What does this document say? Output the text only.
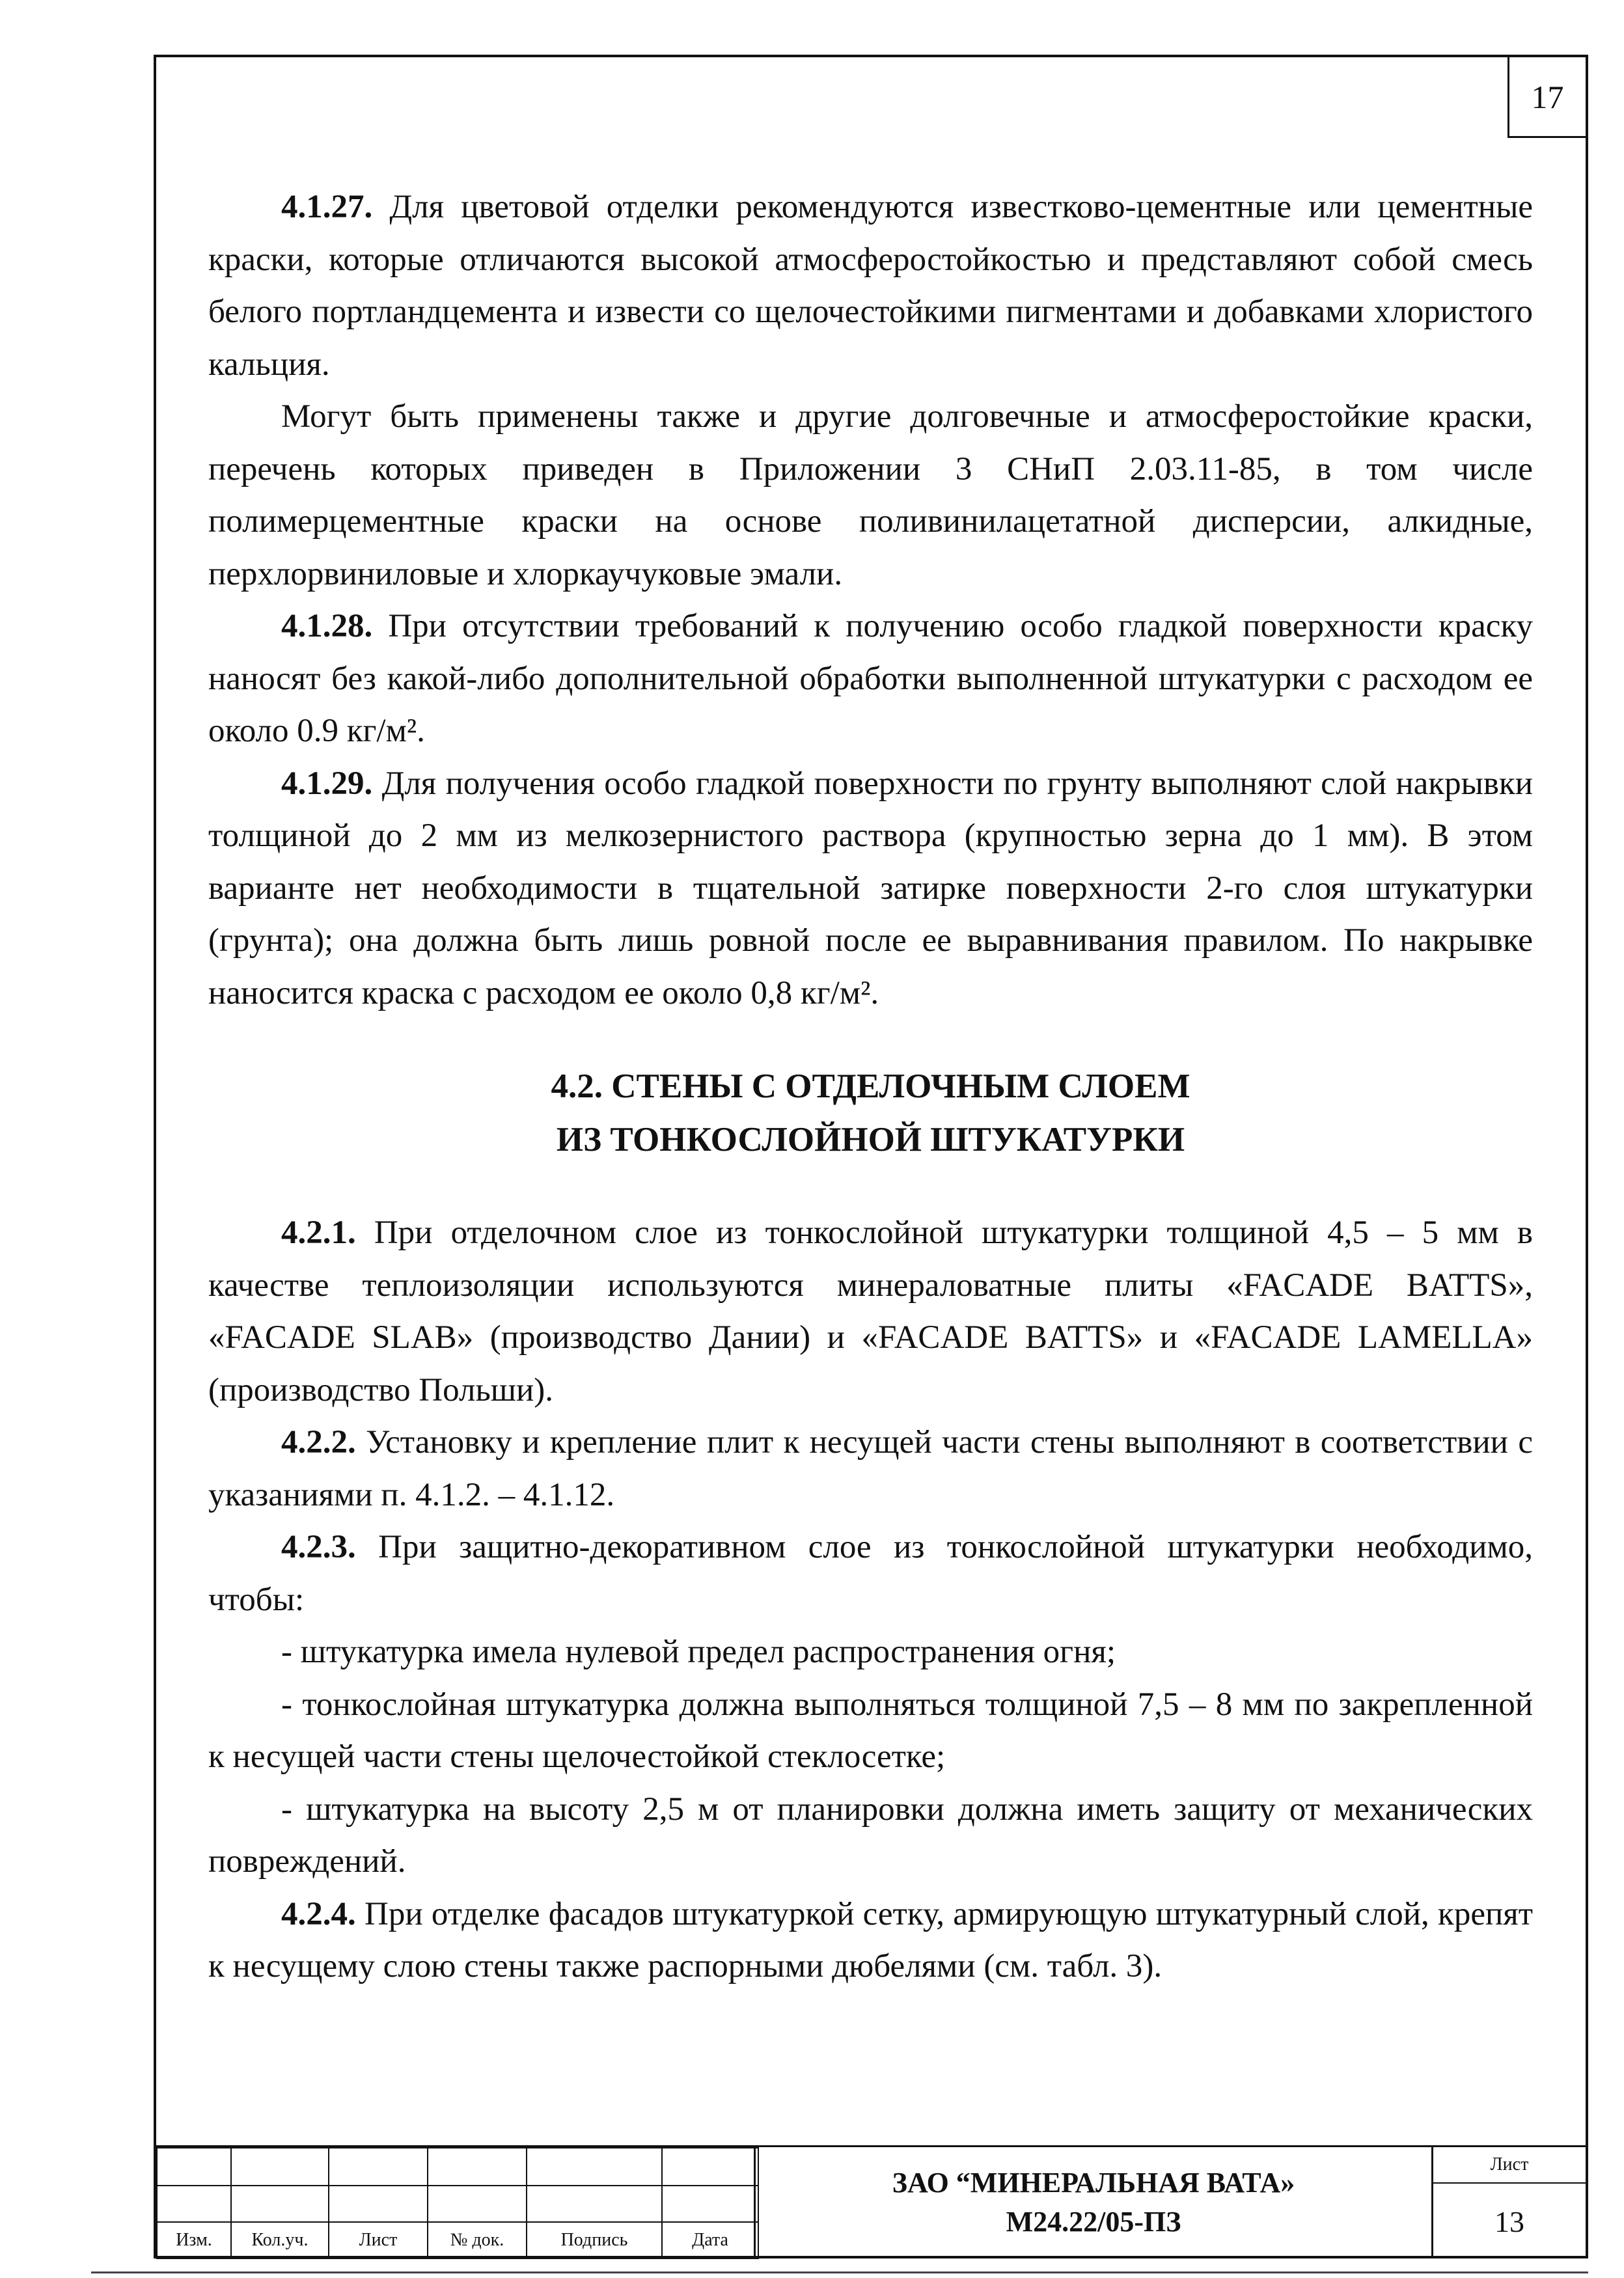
17

4.1.27. Для цветовой отделки рекомендуются известково-цементные или цементные краски, которые отличаются высокой атмосферостойкостью и представляют собой смесь белого портландцемента и извести со щелочестойкими пигментами и добавками хлористого кальция.

Могут быть применены также и другие долговечные и атмосферостойкие краски, перечень которых приведен в Приложении 3 СНиП 2.03.11-85, в том числе полимерцементные краски на основе поливинилацетатной дисперсии, алкидные, перхлорвиниловые и хлоркаучуковые эмали.

4.1.28. При отсутствии требований к получению особо гладкой поверхности краску наносят без какой-либо дополнительной обработки выполненной штукатурки с расходом ее около 0.9 кг/м².

4.1.29. Для получения особо гладкой поверхности по грунту выполняют слой накрывки толщиной до 2 мм из мелкозернистого раствора (крупностью зерна до 1 мм). В этом варианте нет необходимости в тщательной затирке поверхности 2-го слоя штукатурки (грунта); она должна быть лишь ровной после ее выравнивания правилом. По накрывке наносится краска с расходом ее около 0,8 кг/м².

4.2. СТЕНЫ С ОТДЕЛОЧНЫМ СЛОЕМ
ИЗ ТОНКОСЛОЙНОЙ ШТУКАТУРКИ

4.2.1. При отделочном слое из тонкослойной штукатурки толщиной 4,5 – 5 мм в качестве теплоизоляции используются минераловатные плиты «FACADE BATTS», «FACADE SLAB» (производство Дании) и «FACADE BATTS» и «FACADE LAMELLA» (производство Польши).

4.2.2. Установку и крепление плит к несущей части стены выполняют в соответствии с указаниями п. 4.1.2. – 4.1.12.

4.2.3. При защитно-декоративном слое из тонкослойной штукатурки необходимо, чтобы:

- штукатурка имела нулевой предел распространения огня;

- тонкослойная штукатурка должна выполняться толщиной 7,5 – 8 мм по закрепленной к несущей части стены щелочестойкой стеклосетке;

- штукатурка на высоту 2,5 м от планировки должна иметь защиту от механических повреждений.

4.2.4. При отделке фасадов штукатуркой сетку, армирующую штукатурный слой, крепят к несущему слою стены также распорными дюбелями (см. табл. 3).

Изм.	Кол.уч.	Лист	№ док.	Подпись	Дата
ЗАО “МИНЕРАЛЬНАЯ ВАТА»
М24.22/05-ПЗ
Лист
13
